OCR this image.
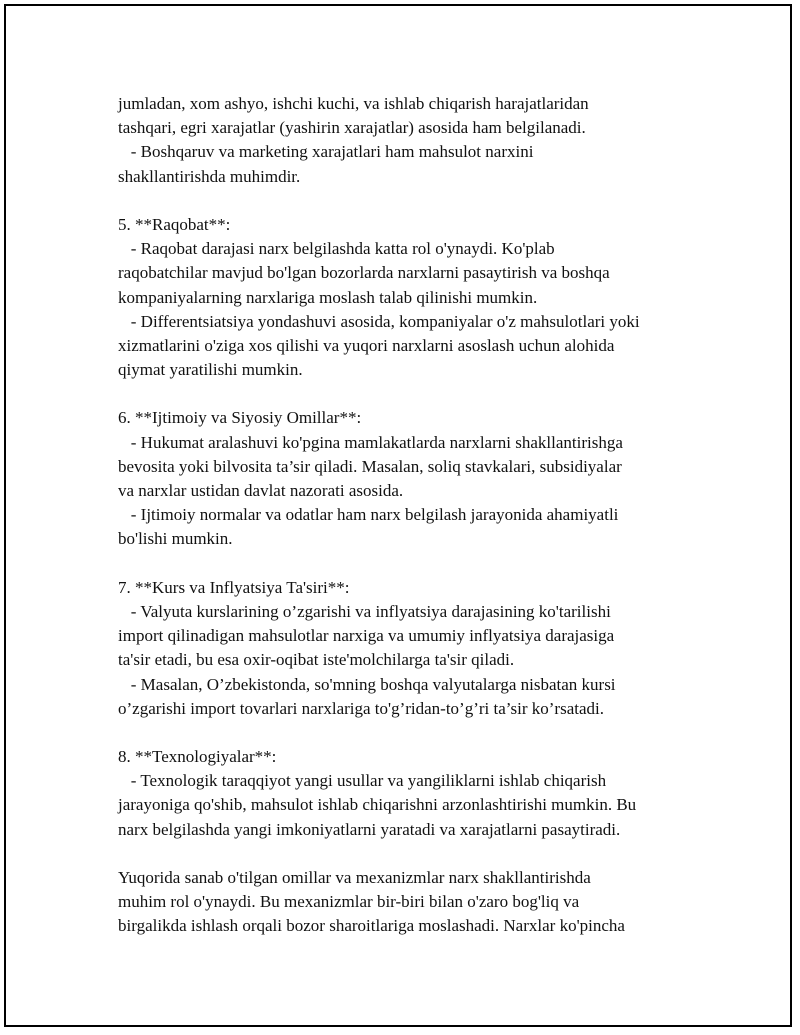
jumladan, xom ashyo, ishchi kuchi, va ishlab chiqarish harajatlaridan
tashqari, egri xarajatlar (yashirin xarajatlar) asosida ham belgilanadi.
- Boshqaruv va marketing xarajatlari ham mahsulot narxini
shakllantirishda muhimdir.
5. **Raqobat**:
- Raqobat darajasi narx belgilashda katta rol o'ynaydi. Ko'plab
raqobatchilar mavjud bo'lgan bozorlarda narxlarni pasaytirish va boshqa
kompaniyalarning narxlariga moslash talab qilinishi mumkin.
- Differentsiatsiya yondashuvi asosida, kompaniyalar o'z mahsulotlari yoki
xizmatlarini o'ziga xos qilishi va yuqori narxlarni asoslash uchun alohida
qiymat yaratilishi mumkin.
6. **Ijtimoiy va Siyosiy Omillar**:
- Hukumat aralashuvi ko'pgina mamlakatlarda narxlarni shakllantirishga
bevosita yoki bilvosita ta’sir qiladi. Masalan, soliq stavkalari, subsidiyalar
va narxlar ustidan davlat nazorati asosida.
- Ijtimoiy normalar va odatlar ham narx belgilash jarayonida ahamiyatli
bo'lishi mumkin.
7. **Kurs va Inflyatsiya Ta'siri**:
- Valyuta kurslarining o’zgarishi va inflyatsiya darajasining ko'tarilishi
import qilinadigan mahsulotlar narxiga va umumiy inflyatsiya darajasiga
ta'sir etadi, bu esa oxir-oqibat iste'molchilarga ta'sir qiladi.
- Masalan, O’zbekistonda, so'mning boshqa valyutalarga nisbatan kursi
o’zgarishi import tovarlari narxlariga to'g’ridan-to’g’ri ta’sir ko’rsatadi.
8. **Texnologiyalar**:
- Texnologik taraqqiyot yangi usullar va yangiliklarni ishlab chiqarish
jarayoniga qo'shib, mahsulot ishlab chiqarishni arzonlashtirishi mumkin. Bu
narx belgilashda yangi imkoniyatlarni yaratadi va xarajatlarni pasaytiradi.
Yuqorida sanab o'tilgan omillar va mexanizmlar narx shakllantirishda
muhim rol o'ynaydi. Bu mexanizmlar bir-biri bilan o'zaro bog'liq va
birgalikda ishlash orqali bozor sharoitlariga moslashadi. Narxlar ko'pincha
